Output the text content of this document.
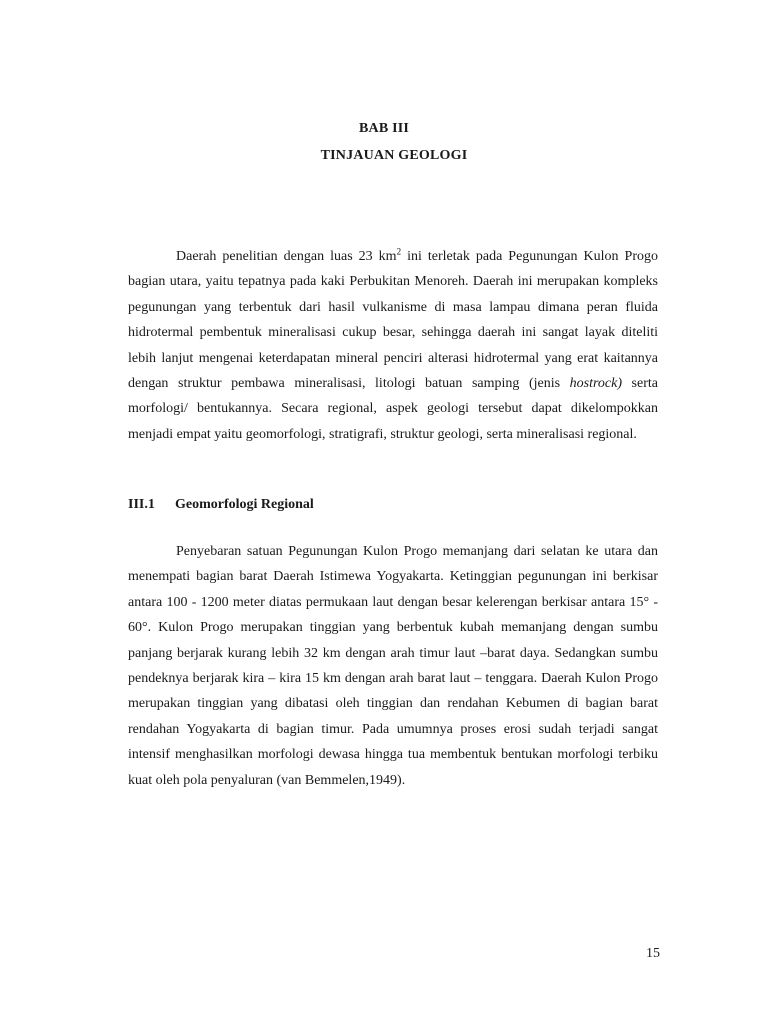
BAB III
TINJAUAN GEOLOGI

Daerah penelitian dengan luas 23 $km^2$ ini terletak pada Pegunungan Kulon Progo bagian utara, yaitu tepatnya pada kaki Perbukitan Menoreh. Daerah ini merupakan kompleks pegunungan yang terbentuk dari hasil vulkanisme di masa lampau dimana peran fluida hidrotermal pembentuk mineralisasi cukup besar, sehingga daerah ini sangat layak diteliti lebih lanjut mengenai keterdapatan mineral penciri alterasi hidrotermal yang erat kaitannya dengan struktur pembawa mineralisasi, litologi batuan samping (jenis hostrock) serta morfologi/ bentukannya. Secara regional, aspek geologi tersebut dapat dikelompokkan menjadi empat yaitu geomorfologi, stratigrafi, struktur geologi, serta mineralisasi regional.

III.1 Geomorfologi Regional

Penyebaran satuan Pegunungan Kulon Progo memanjang dari selatan ke utara dan menempati bagian barat Daerah Istimewa Yogyakarta. Ketinggian pegunungan ini berkisar antara 100 - 1200 meter diatas permukaan laut dengan besar kelerengan berkisar antara 15° - 60°. Kulon Progo merupakan tinggian yang berbentuk kubah memanjang dengan sumbu panjang berjarak kurang lebih 32 km dengan arah timur laut –barat daya. Sedangkan sumbu pendeknya berjarak kira – kira 15 km dengan arah barat laut – tenggara. Daerah Kulon Progo merupakan tinggian yang dibatasi oleh tinggian dan rendahan Kebumen di bagian barat rendahan Yogyakarta di bagian timur. Pada umumnya proses erosi sudah terjadi sangat intensif menghasilkan morfologi dewasa hingga tua membentuk bentukan morfologi terbiku kuat oleh pola penyaluran (van Bemmelen,1949).

15
